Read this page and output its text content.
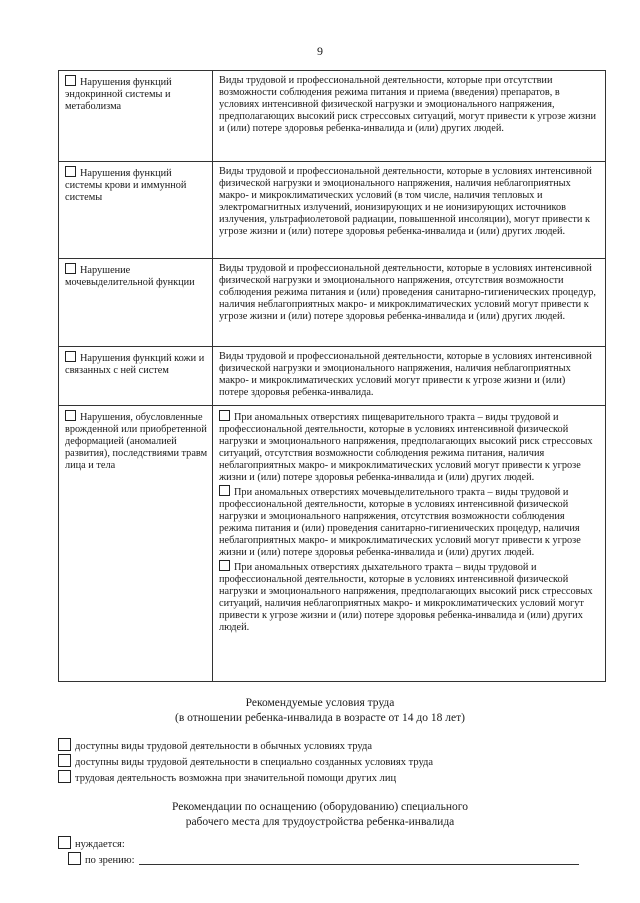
9
Нарушения функций эндокринной системы и метаболизма
Виды трудовой и профессиональной деятельности, которые при отсутствии возможности соблюдения режима питания и приема (введения) препаратов, в условиях интенсивной физической нагрузки и эмоционального напряжения, предполагающих высокий риск стрессовых ситуаций, могут привести к угрозе жизни и (или) потере здоровья ребенка-инвалида и (или) других людей.
Нарушения функций системы крови и иммунной системы
Виды трудовой и профессиональной деятельности, которые в условиях интенсивной физической нагрузки и эмоционального напряжения, наличия неблагоприятных макро- и микроклиматических условий (в том числе, наличия тепловых и электромагнитных излучений, ионизирующих и не ионизирующих источников излучения, ультрафиолетовой радиации, повышенной инсоляции), могут привести к угрозе жизни и (или) потере здоровья ребенка-инвалида и (или) других людей.
Нарушение мочевыделительной функции
Виды трудовой и профессиональной деятельности, которые в условиях интенсивной физической нагрузки и эмоционального напряжения, отсутствия возможности соблюдения режима питания и (или) проведения санитарно-гигиенических процедур, наличия неблагоприятных макро- и микроклиматических условий могут привести к угрозе жизни и (или) потере здоровья ребенка-инвалида и (или) других людей.
Нарушения функций кожи и связанных с ней систем
Виды трудовой и профессиональной деятельности, которые в условиях интенсивной физической нагрузки и эмоционального напряжения, наличия неблагоприятных макро- и микроклиматических условий могут привести к угрозе жизни и (или) потере здоровья ребенка-инвалида.
Нарушения, обусловленные врожденной или приобретенной деформацией (аномалией развития), последствиями травм лица и тела
При аномальных отверстиях пищеварительного тракта – виды трудовой и профессиональной деятельности, которые в условиях интенсивной физической нагрузки и эмоционального напряжения, предполагающих высокий риск стрессовых ситуаций, отсутствия возможности соблюдения режима питания, наличия неблагоприятных макро- и микроклиматических условий могут привести к угрозе жизни и (или) потере здоровья ребенка-инвалида и (или) других людей.
При аномальных отверстиях мочевыделительного тракта – виды трудовой и профессиональной деятельности, которые в условиях интенсивной физической нагрузки и эмоционального напряжения, отсутствия возможности соблюдения режима питания и (или) проведения санитарно-гигиенических процедур, наличия неблагоприятных макро- и микроклиматических условий могут привести к угрозе жизни и (или) потере здоровья ребенка-инвалида и (или) других людей.
При аномальных отверстиях дыхательного тракта – виды трудовой и профессиональной деятельности, которые в условиях интенсивной физической нагрузки и эмоционального напряжения, предполагающих высокий риск стрессовых ситуаций, наличия неблагоприятных макро- и микроклиматических условий могут привести к угрозе жизни и (или) потере здоровья ребенка-инвалида и (или) других людей.
Рекомендуемые условия труда
(в отношении ребенка-инвалида в возрасте от 14 до 18 лет)
доступны виды трудовой деятельности в обычных условиях труда
доступны виды трудовой деятельности в специально созданных условиях труда
трудовая деятельность возможна при значительной помощи других лиц
Рекомендации по оснащению (оборудованию) специального
рабочего места для трудоустройства ребенка-инвалида
нуждается:
по зрению:
